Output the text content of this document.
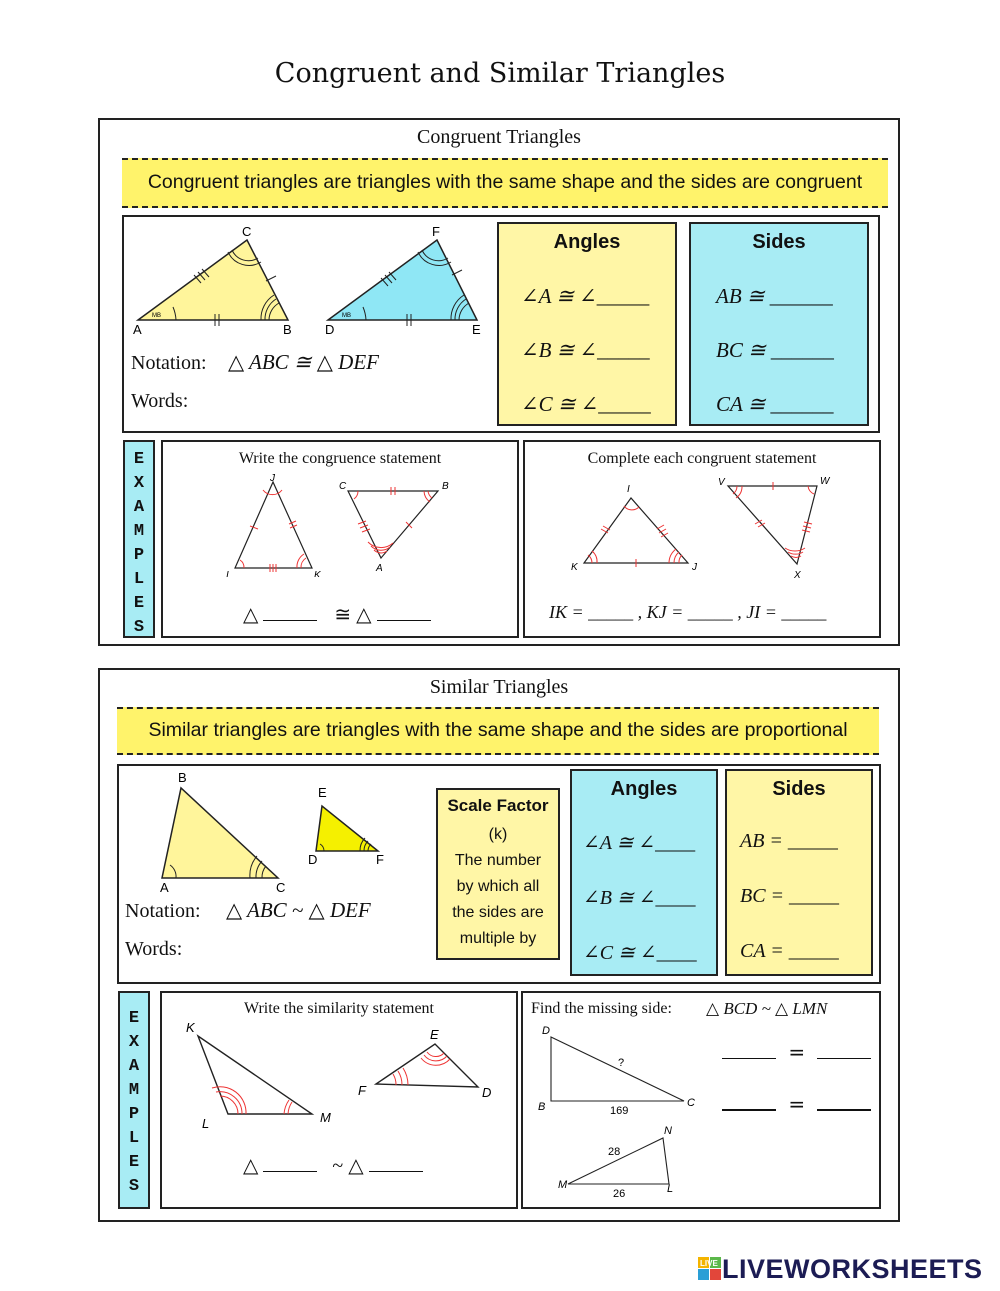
Congruent and Similar Triangles
Congruent Triangles
Congruent triangles are triangles with the same shape and the sides are congruent
MB
A	B
C
MB
D	E
F
Notation: △ ABC ≅ △ DEF
Words:
Angles
∠A ≅ ∠_____
∠B ≅ ∠_____
∠C ≅ ∠_____
Sides
AB ≅ ______
BC ≅ ______
CA ≅ ______
E
X
A
M
P
L
E
S
Write the congruence statement
J
I	K
C	B
A
△	≅ △
Complete each congruent statement
I
K	J
V	W
X
IK = _____ , KJ = _____ , JI = _____
Similar Triangles
Similar triangles are triangles with the same shape and the sides are proportional
A	C
B
E
D	F
Notation: △ ABC ~ △ DEF
Words:
Scale Factor
(k)
The number
by which all
the sides are
multiple by
Angles
∠A ≅ ∠____
∠B ≅ ∠____
∠C ≅ ∠____
Sides
AB = _____
BC = _____
CA = _____
E
X
A
M
P
L
E
S
Write the similarity statement
K
L	M
E
F	D
△	~ △
Find the missing side: △ BCD ~ △ LMN
D
B	C
?
169
N
M	L
28
26
=
=
LIVE LIVEWORKSHEETS
